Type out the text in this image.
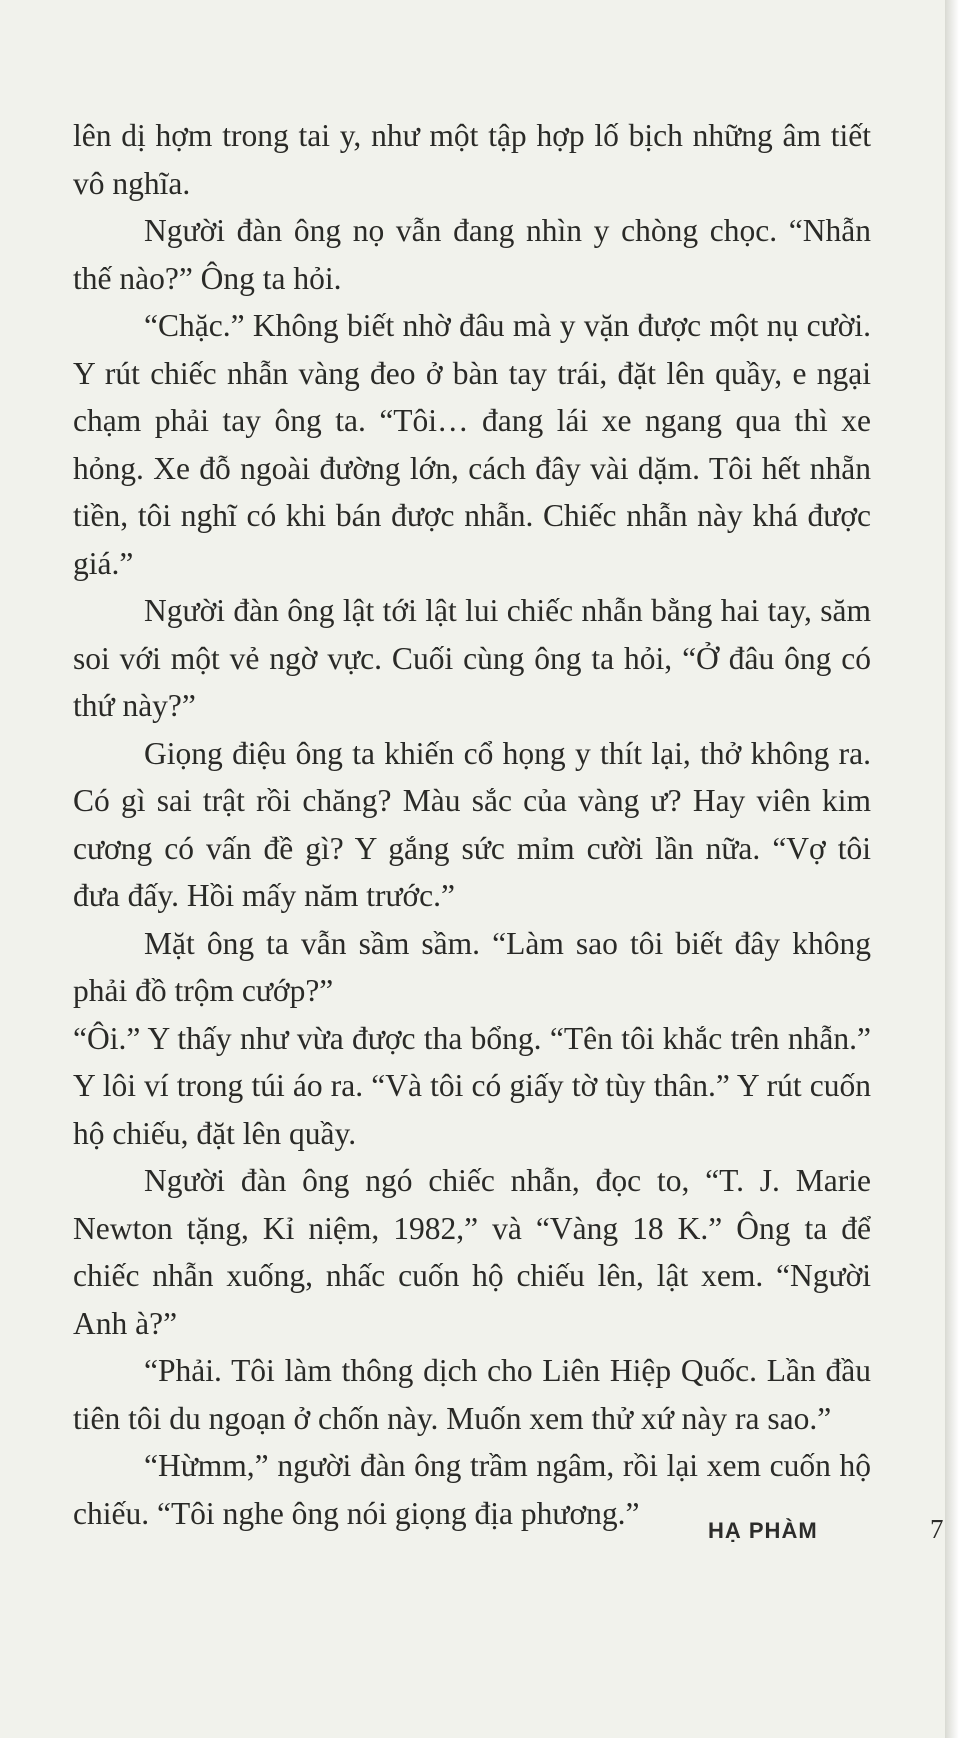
lên dị hợm trong tai y, như một tập hợp lố bịch những âm tiết vô nghĩa.

Người đàn ông nọ vẫn đang nhìn y chòng chọc. “Nhẫn thế nào?” Ông ta hỏi.

“Chặc.” Không biết nhờ đâu mà y vặn được một nụ cười. Y rút chiếc nhẫn vàng đeo ở bàn tay trái, đặt lên quầy, e ngại chạm phải tay ông ta. “Tôi… đang lái xe ngang qua thì xe hỏng. Xe đỗ ngoài đường lớn, cách đây vài dặm. Tôi hết nhẵn tiền, tôi nghĩ có khi bán được nhẫn. Chiếc nhẫn này khá được giá.”

Người đàn ông lật tới lật lui chiếc nhẫn bằng hai tay, săm soi với một vẻ ngờ vực. Cuối cùng ông ta hỏi, “Ở đâu ông có thứ này?”

Giọng điệu ông ta khiến cổ họng y thít lại, thở không ra. Có gì sai trật rồi chăng? Màu sắc của vàng ư? Hay viên kim cương có vấn đề gì? Y gắng sức mỉm cười lần nữa. “Vợ tôi đưa đấy. Hồi mấy năm trước.”

Mặt ông ta vẫn sầm sầm. “Làm sao tôi biết đây không phải đồ trộm cướp?”

“Ôi.” Y thấy như vừa được tha bổng. “Tên tôi khắc trên nhẫn.” Y lôi ví trong túi áo ra. “Và tôi có giấy tờ tùy thân.” Y rút cuốn hộ chiếu, đặt lên quầy.

Người đàn ông ngó chiếc nhẫn, đọc to, “T. J. Marie Newton tặng, Kỉ niệm, 1982,” và “Vàng 18 K.” Ông ta để chiếc nhẫn xuống, nhấc cuốn hộ chiếu lên, lật xem. “Người Anh à?”

“Phải. Tôi làm thông dịch cho Liên Hiệp Quốc. Lần đầu tiên tôi du ngoạn ở chốn này. Muốn xem thử xứ này ra sao.”

“Hừmm,” người đàn ông trầm ngâm, rồi lại xem cuốn hộ chiếu. “Tôi nghe ông nói giọng địa phương.”	HẠ PHÀM	7
